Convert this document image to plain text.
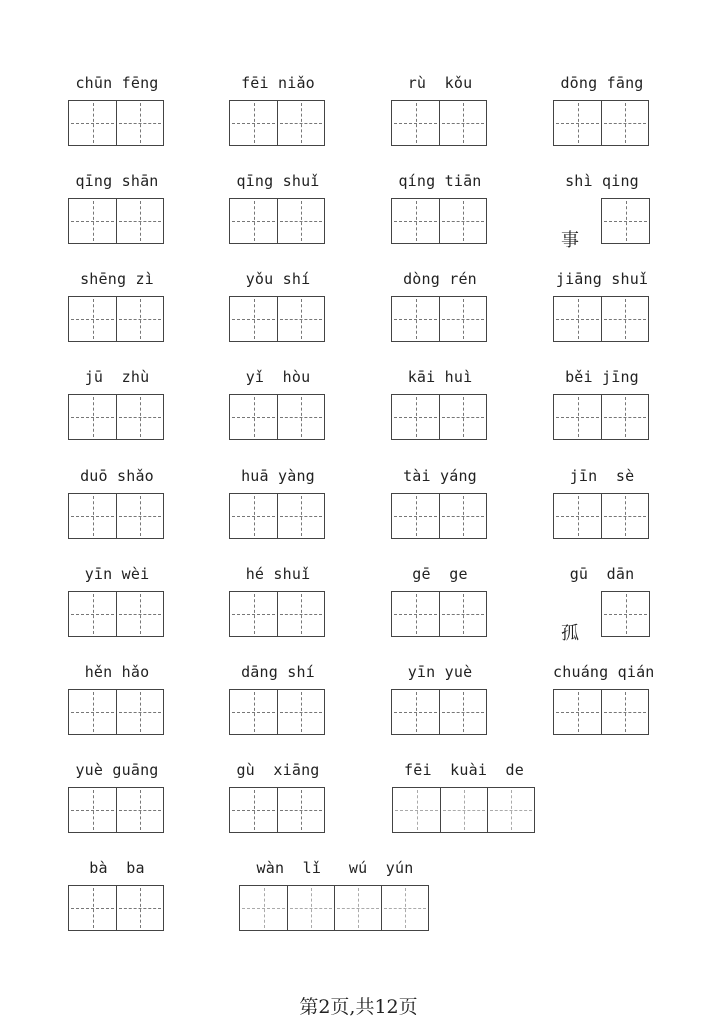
chūn fēng	fēi niǎo	rù  kǒu	dōng fāng
qīng shān	qīng shuǐ	qíng tiān	shì qing
事
shēng zì	yǒu shí	dòng rén	jiāng shuǐ
jū  zhù	yǐ  hòu	kāi huì	běi jīng
duō shǎo	huā yàng	tài yáng	jīn  sè
yīn wèi	hé shuǐ	gē  ge	gū  dān
孤
hěn hǎo	dāng shí	yīn yuè	chuáng qián
yuè guāng	gù  xiāng	fēi  kuài  de
bà  ba	wàn  lǐ   wú  yún
第2页,共12页
